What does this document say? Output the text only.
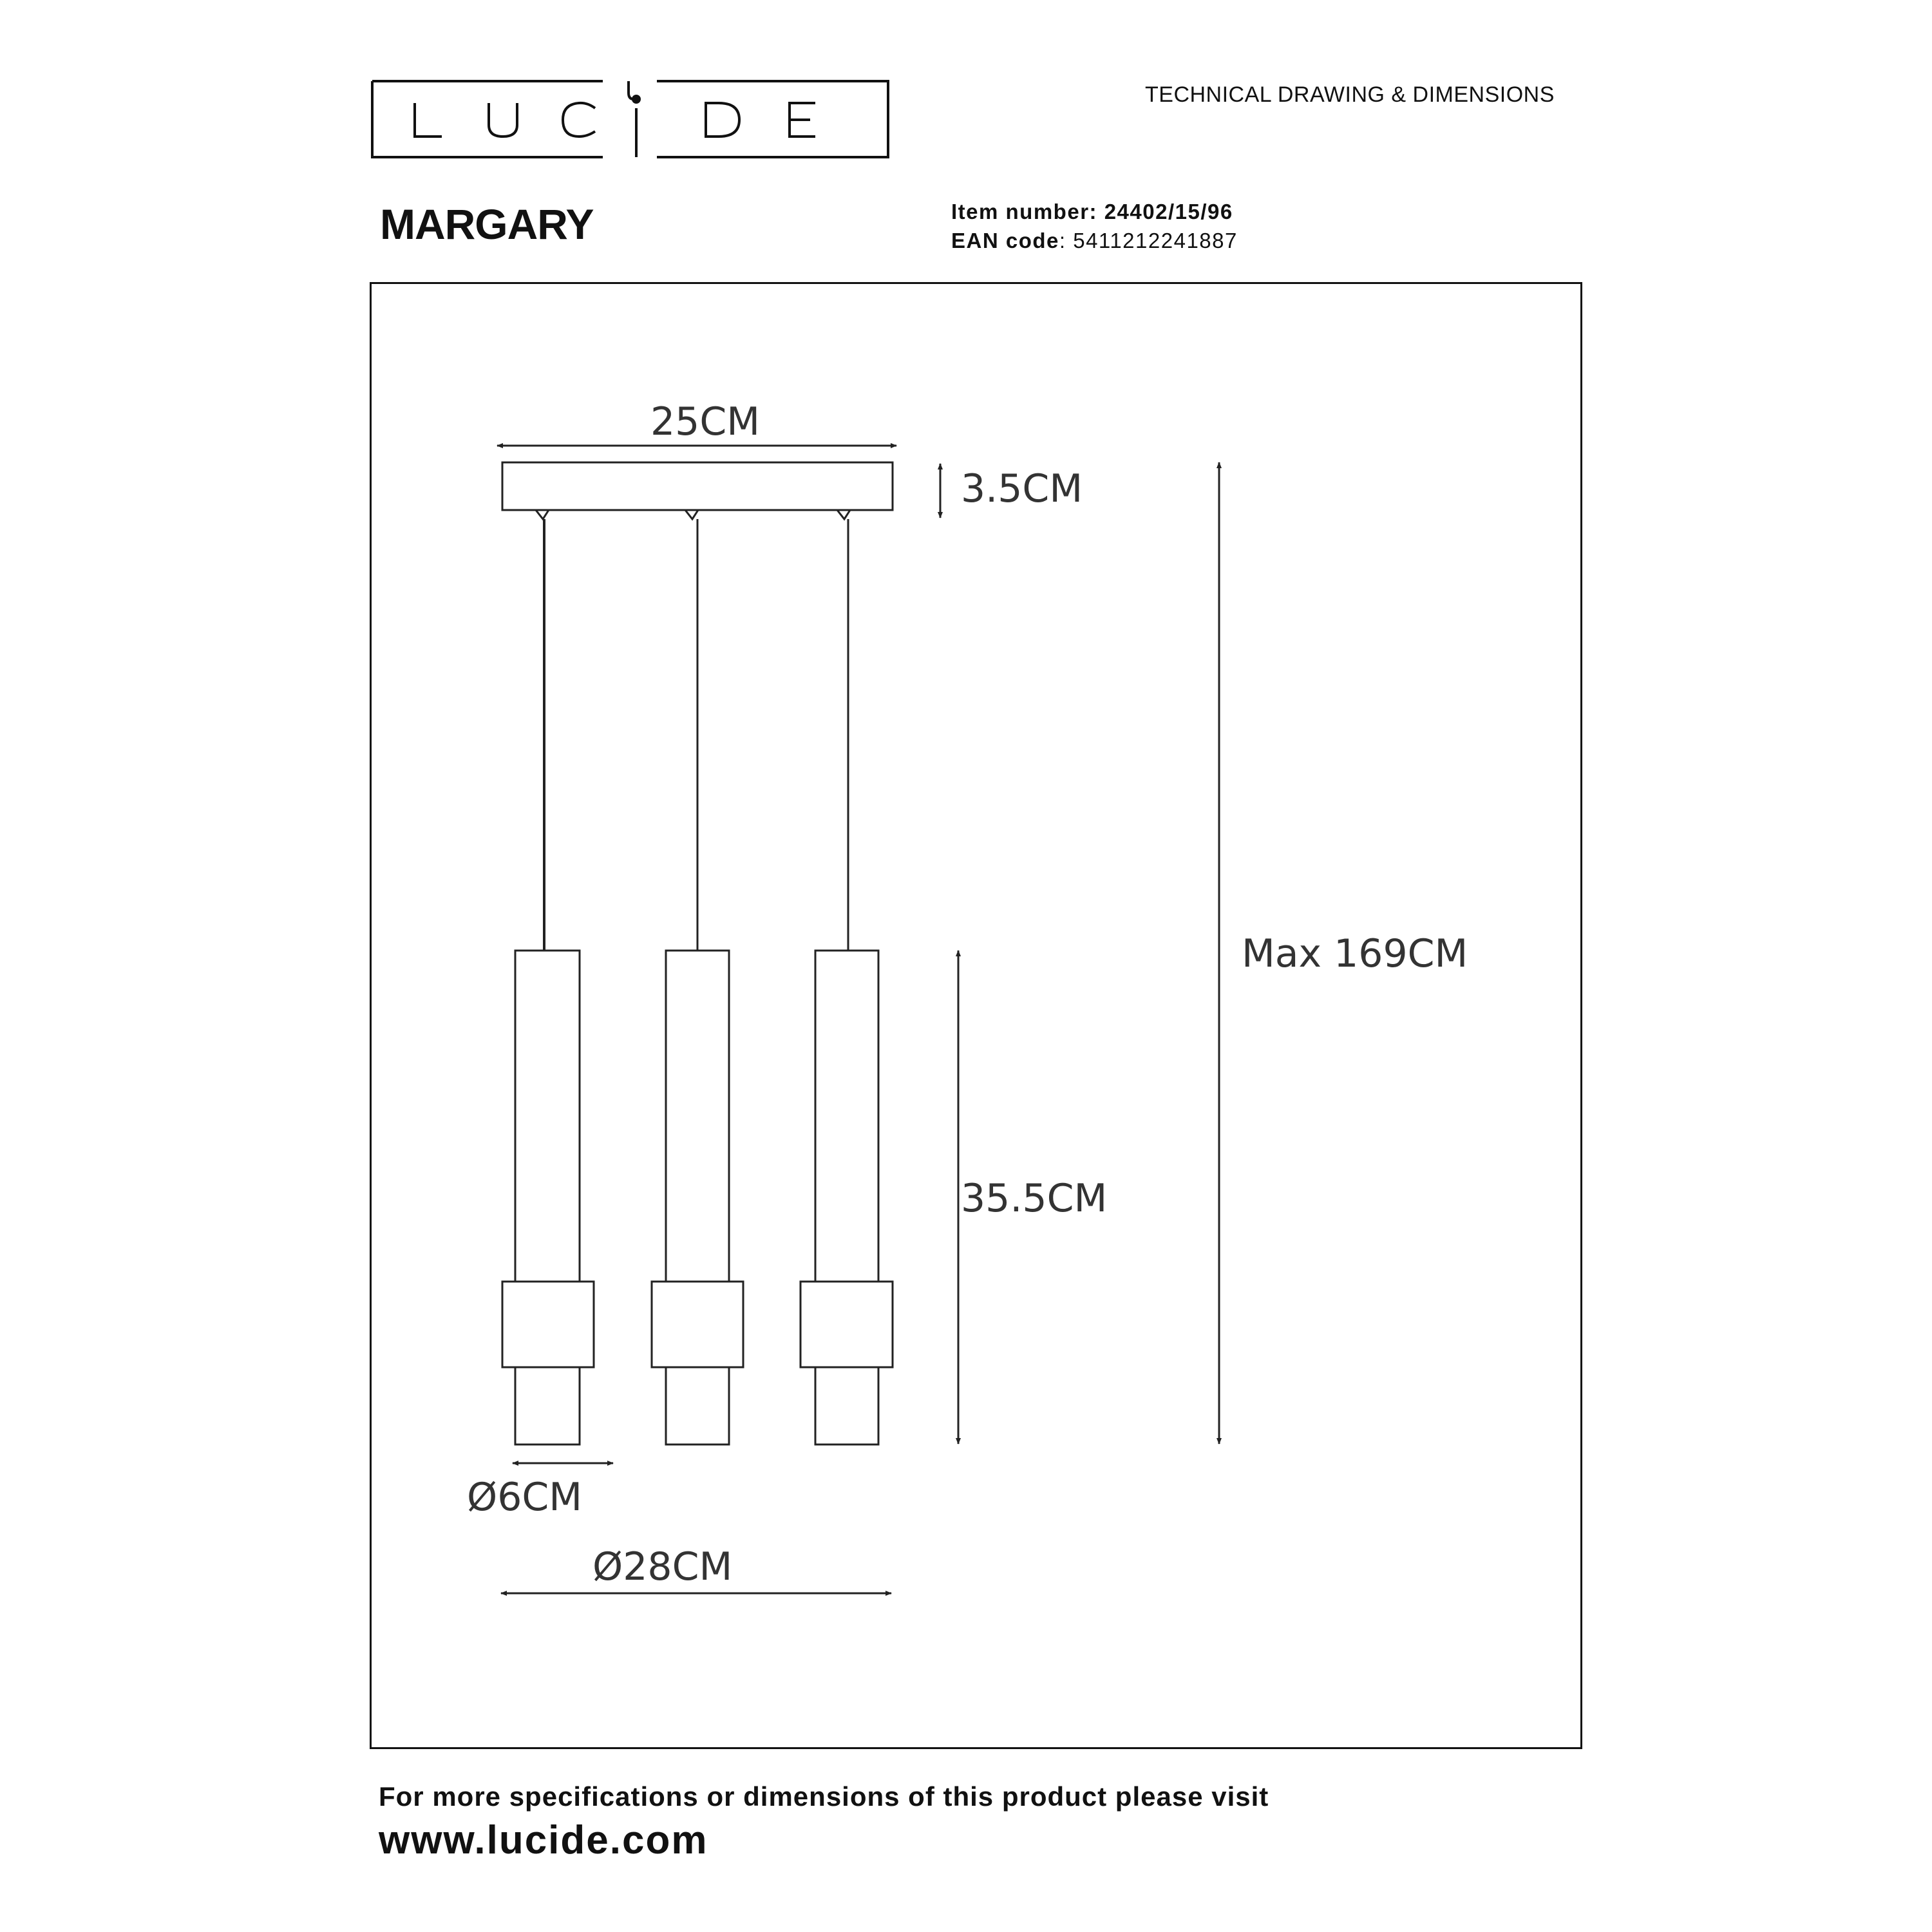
TECHNICAL DRAWING & DIMENSIONS
MARGARY	Item number: 24402/15/96
EAN code: 5411212241887
25CM
3.5CM
Max 169CM
35.5CM
Ø6CM
Ø28CM
For more specifications or dimensions of this product please visit
www.lucide.com
